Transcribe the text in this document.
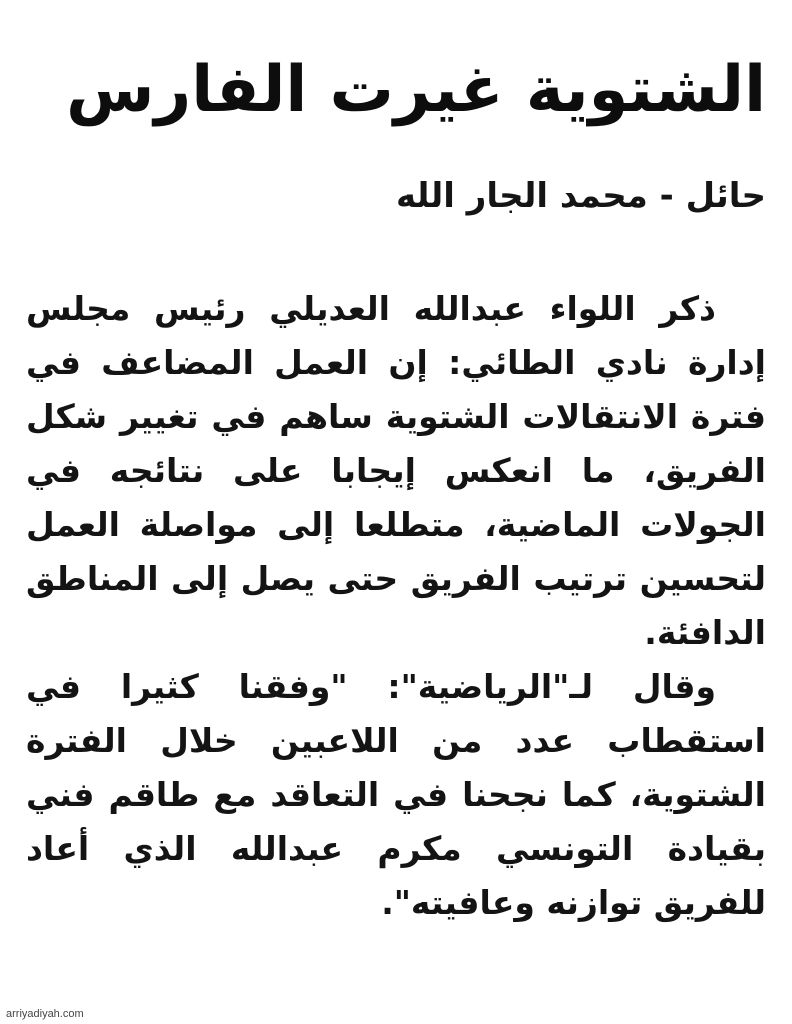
الشتوية غيرت الفارس
حائل - محمد الجار الله

ذكر اللواء عبدالله العديلي رئيس مجلس إدارة نادي الطائي: إن العمل المضاعف في فترة الانتقالات الشتوية ساهم في تغيير شكل الفريق، ما انعكس إيجابا على نتائجه في الجولات الماضية، متطلعا إلى مواصلة العمل لتحسين ترتيب الفريق حتى يصل إلى المناطق الدافئة.

وقال لـ"الرياضية": "وفقنا كثيرا في استقطاب عدد من اللاعبين خلال الفترة الشتوية، كما نجحنا في التعاقد مع طاقم فني بقيادة التونسي مكرم عبدالله الذي أعاد للفريق توازنه وعافيته".

arriyadiyah.com
